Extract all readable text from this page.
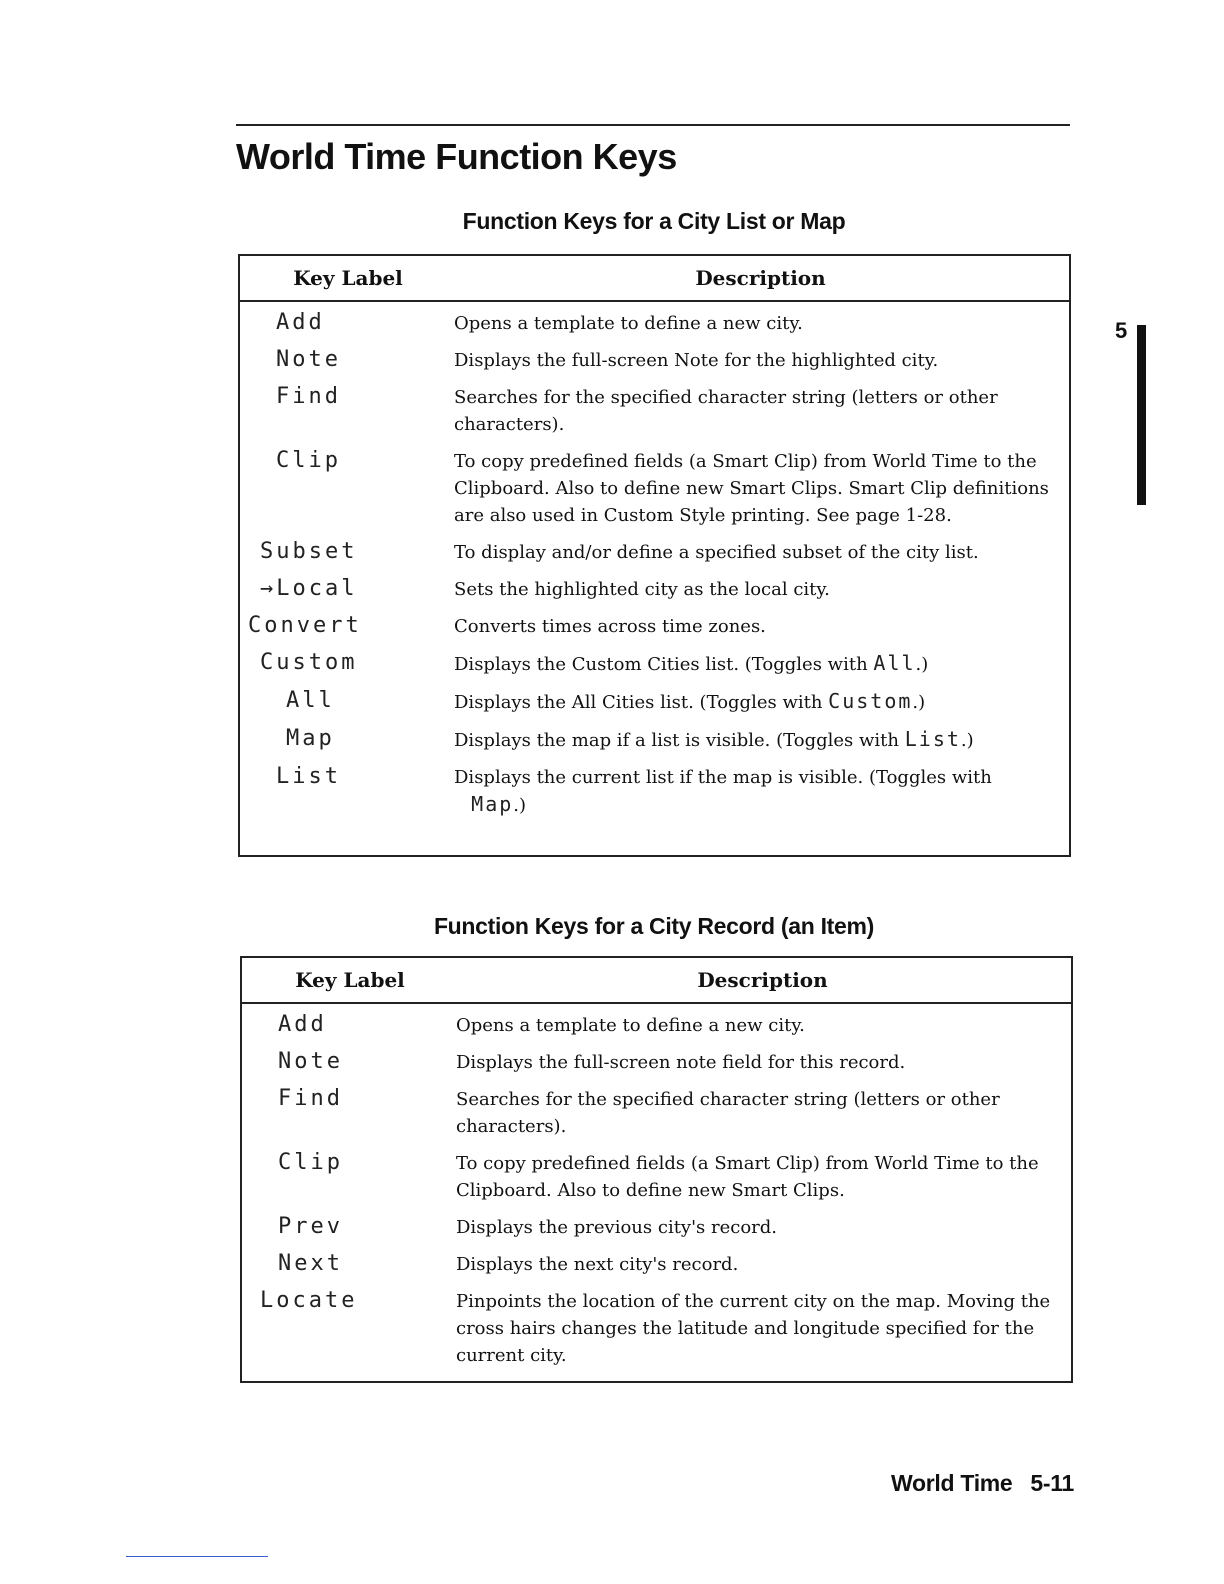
World Time Function Keys
5
Function Keys for a City List or Map
Key Label	Description
Add	Opens a template to define a new city.
Note	Displays the full-screen Note for the highlighted city.
Find	Searches for the specified character string (letters or other characters).
Clip	To copy predefined fields (a Smart Clip) from World Time to the Clipboard. Also to define new Smart Clips. Smart Clip definitions are also used in Custom Style printing. See page 1-28.
Subset	To display and/or define a specified subset of the city list.
→Local	Sets the highlighted city as the local city.
Convert	Converts times across time zones.
Custom	Displays the Custom Cities list. (Toggles with All.)
All	Displays the All Cities list. (Toggles with Custom.)
Map	Displays the map if a list is visible. (Toggles with List.)
List	Displays the current list if the map is visible. (Toggles with
Map.)
Function Keys for a City Record (an Item)
Key Label	Description
Add	Opens a template to define a new city.
Note	Displays the full-screen note field for this record.
Find	Searches for the specified character string (letters or other characters).
Clip	To copy predefined fields (a Smart Clip) from World Time to the Clipboard. Also to define new Smart Clips.
Prev	Displays the previous city's record.
Next	Displays the next city's record.
Locate	Pinpoints the location of the current city on the map. Moving the cross hairs changes the latitude and longitude specified for the current city.
World Time 5-11
